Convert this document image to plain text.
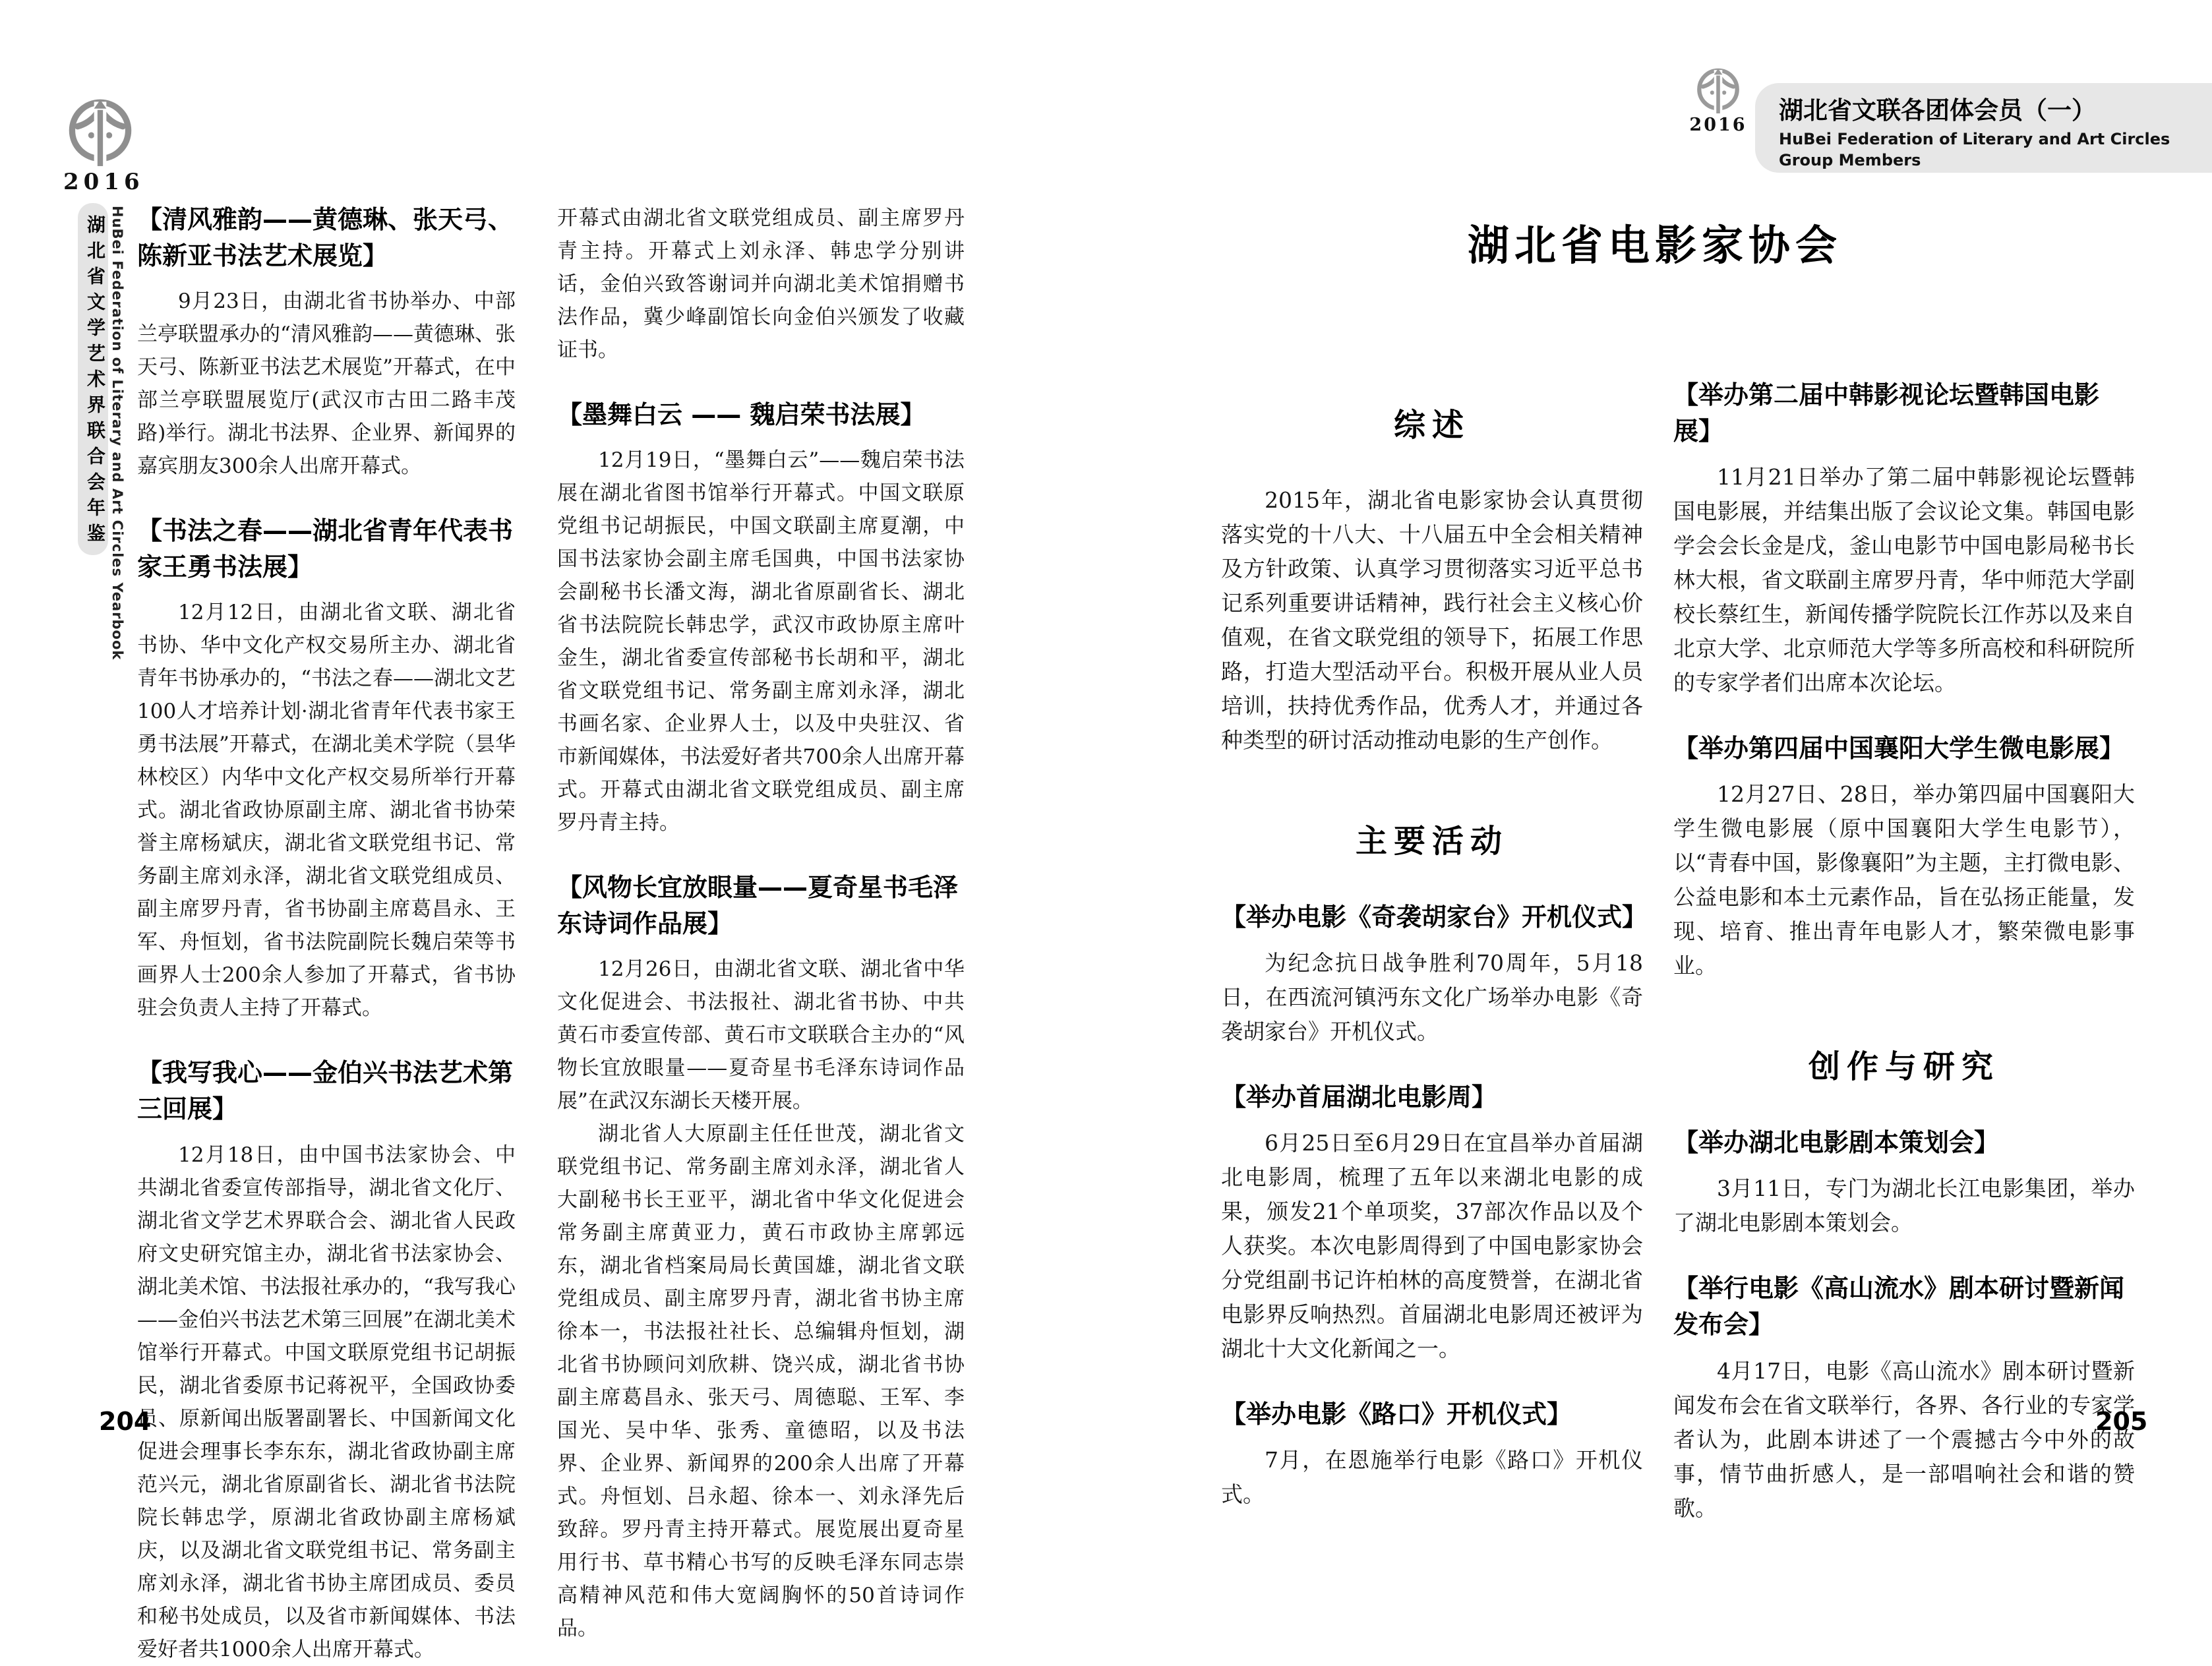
2016
湖北省文学艺术界联合会年鉴 HuBei Federation of Literary and Art Circles Yearbook 【清风雅韵——黄德琳、张天弓、陈新亚书法艺术展览】
9月23日，由湖北省书协举办、中部兰亭联盟承办的“清风雅韵——黄德琳、张天弓、陈新亚书法艺术展览”开幕式，在中部兰亭联盟展览厅(武汉市古田二路丰茂路)举行。湖北书法界、企业界、新闻界的嘉宾朋友300余人出席开幕式。
【书法之春——湖北省青年代表书家王勇书法展】
12月12日，由湖北省文联、湖北省书协、华中文化产权交易所主办、湖北省青年书协承办的，“书法之春——湖北文艺100人才培养计划·湖北省青年代表书家王勇书法展”开幕式，在湖北美术学院（昙华林校区）内华中文化产权交易所举行开幕式。湖北省政协原副主席、湖北省书协荣誉主席杨斌庆，湖北省文联党组书记、常务副主席刘永泽，湖北省文联党组成员、副主席罗丹青，省书协副主席葛昌永、王军、舟恒划，省书法院副院长魏启荣等书画界人士200余人参加了开幕式，省书协驻会负责人主持了开幕式。
【我写我心——金伯兴书法艺术第三回展】
12月18日，由中国书法家协会、中共湖北省委宣传部指导，湖北省文化厅、湖北省文学艺术界联合会、湖北省人民政府文史研究馆主办，湖北省书法家协会、湖北美术馆、书法报社承办的，“我写我心——金伯兴书法艺术第三回展”在湖北美术馆举行开幕式。中国文联原党组书记胡振民，湖北省委原书记蒋祝平，全国政协委员、原新闻出版署副署长、中国新闻文化促进会理事长李东东，湖北省政协副主席范兴元，湖北省原副省长、湖北省书法院院长韩忠学，原湖北省政协副主席杨斌庆，以及湖北省文联党组书记、常务副主席刘永泽，湖北省书协主席团成员、委员和秘书处成员，以及省市新闻媒体、书法爱好者共1000余人出席开幕式。
开幕式由湖北省文联党组成员、副主席罗丹青主持。开幕式上刘永泽、韩忠学分别讲话，金伯兴致答谢词并向湖北美术馆捐赠书法作品，冀少峰副馆长向金伯兴颁发了收藏证书。
【墨舞白云 —— 魏启荣书法展】
12月19日，“墨舞白云”——魏启荣书法展在湖北省图书馆举行开幕式。中国文联原党组书记胡振民，中国文联副主席夏潮，中国书法家协会副主席毛国典，中国书法家协会副秘书长潘文海，湖北省原副省长、湖北省书法院院长韩忠学，武汉市政协原主席叶金生，湖北省委宣传部秘书长胡和平，湖北省文联党组书记、常务副主席刘永泽，湖北书画名家、企业界人士，以及中央驻汉、省市新闻媒体，书法爱好者共700余人出席开幕式。开幕式由湖北省文联党组成员、副主席罗丹青主持。
【风物长宜放眼量——夏奇星书毛泽东诗词作品展】
12月26日，由湖北省文联、湖北省中华文化促进会、书法报社、湖北省书协、中共黄石市委宣传部、黄石市文联联合主办的“风物长宜放眼量——夏奇星书毛泽东诗词作品展”在武汉东湖长天楼开展。
湖北省人大原副主任任世茂，湖北省文联党组书记、常务副主席刘永泽，湖北省人大副秘书长王亚平，湖北省中华文化促进会常务副主席黄亚力，黄石市政协主席郭远东，湖北省档案局局长黄国雄，湖北省文联党组成员、副主席罗丹青，湖北省书协主席徐本一，书法报社社长、总编辑舟恒划，湖北省书协顾问刘欣耕、饶兴成，湖北省书协副主席葛昌永、张天弓、周德聪、王军、李国光、吴中华、张秀、童德昭，以及书法界、企业界、新闻界的200余人出席了开幕式。舟恒划、吕永超、徐本一、刘永泽先后致辞。罗丹青主持开幕式。展览展出夏奇星用行书、草书精心书写的反映毛泽东同志崇高精神风范和伟大宽阔胸怀的50首诗词作品。
204
2016
湖北省文联各团体会员（一）
HuBei Federation of Literary and Art Circles Group Members
湖北省电影家协会
综述
2015年，湖北省电影家协会认真贯彻落实党的十八大、十八届五中全会相关精神及方针政策、认真学习贯彻落实习近平总书记系列重要讲话精神，践行社会主义核心价值观，在省文联党组的领导下，拓展工作思路，打造大型活动平台。积极开展从业人员培训，扶持优秀作品，优秀人才，并通过各种类型的研讨活动推动电影的生产创作。
主要活动
【举办电影《奇袭胡家台》开机仪式】
为纪念抗日战争胜利70周年，5月18日，在西流河镇沔东文化广场举办电影《奇袭胡家台》开机仪式。
【举办首届湖北电影周】
6月25日至6月29日在宜昌举办首届湖北电影周，梳理了五年以来湖北电影的成果，颁发21个单项奖，37部次作品以及个人获奖。本次电影周得到了中国电影家协会分党组副书记许柏林的高度赞誉，在湖北省电影界反响热烈。首届湖北电影周还被评为湖北十大文化新闻之一。
【举办电影《路口》开机仪式】
7月，在恩施举行电影《路口》开机仪式。
【举办第二届中韩影视论坛暨韩国电影展】
11月21日举办了第二届中韩影视论坛暨韩国电影展，并结集出版了会议论文集。韩国电影学会会长金是戊，釜山电影节中国电影局秘书长林大根，省文联副主席罗丹青，华中师范大学副校长蔡红生，新闻传播学院院长江作苏以及来自北京大学、北京师范大学等多所高校和科研院所的专家学者们出席本次论坛。
【举办第四届中国襄阳大学生微电影展】
12月27日、28日，举办第四届中国襄阳大学生微电影展（原中国襄阳大学生电影节），以“青春中国，影像襄阳”为主题，主打微电影、公益电影和本土元素作品，旨在弘扬正能量，发现、培育、推出青年电影人才，繁荣微电影事业。
创作与研究
【举办湖北电影剧本策划会】
3月11日，专门为湖北长江电影集团，举办了湖北电影剧本策划会。
【举行电影《高山流水》剧本研讨暨新闻发布会】
4月17日，电影《高山流水》剧本研讨暨新闻发布会在省文联举行，各界、各行业的专家学者认为，此剧本讲述了一个震撼古今中外的故事，情节曲折感人，是一部唱响社会和谐的赞歌。
205
